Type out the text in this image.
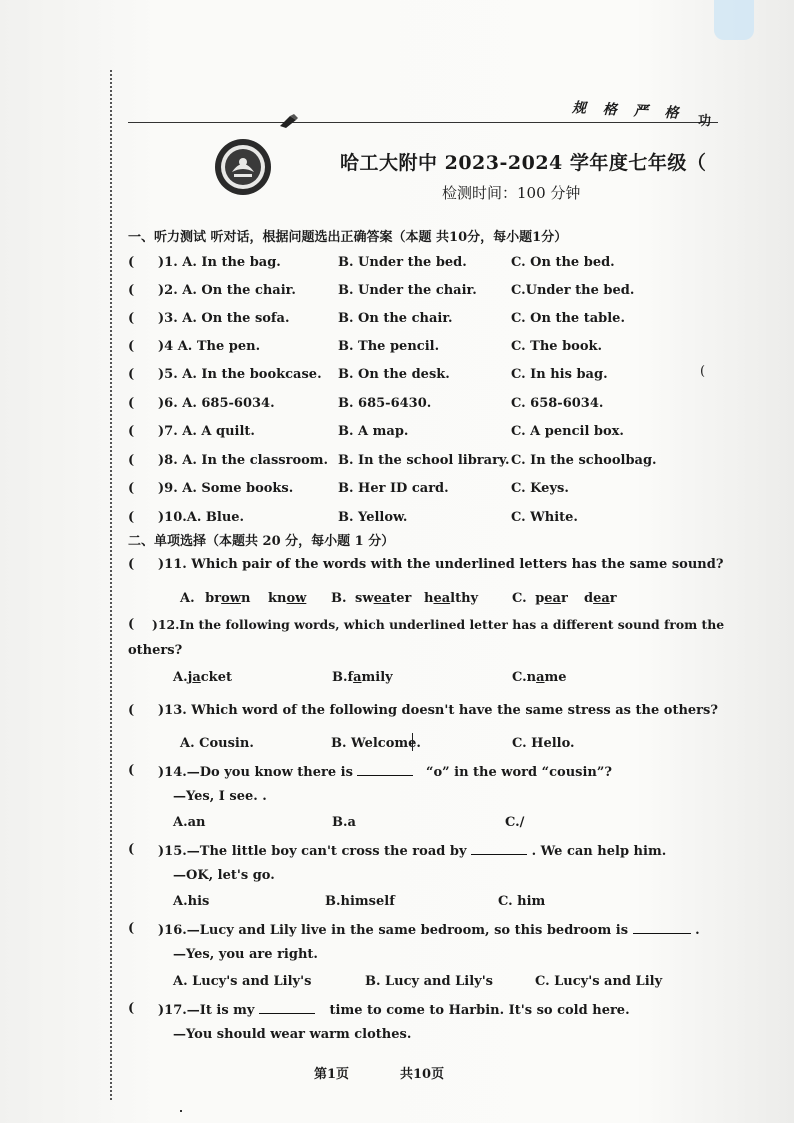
规 格 严 格 功
哈工大附中 2023-2024 学年度七年级（
检测时间：100 分钟
一、听力测试 听对话，根据问题选出正确答案（本题 共10分，每小题1分）
( )1. A. In the bag.	B. Under the bed.	C. On the bed.
( )2. A. On the chair.	B. Under the chair.	C.Under the bed.
( )3. A. On the sofa.	B. On the chair.	C. On the table.
( )4 A. The pen.	B. The pencil.	C. The book.
( )5. A. In the bookcase. B. On the desk.	C. In his bag.
( )6. A. 685-6034.	B. 685-6430.	C. 658-6034.
( )7. A. A quilt.	B. A map.	C. A pencil box.
( )8. A. In the classroom. B. In the school library. C. In the schoolbag.
( )9. A. Some books.	B. Her ID card.	C. Keys.
( )10.A. Blue.	B. Yellow.	C. White.
(
二、单项选择（本题共 20 分，每小题 1 分）
( )11. Which pair of the words with the underlined letters has the same sound?
A. brown know B. sweater healthy	C. pear dear
( )12.In the following words, which underlined letter has a different sound from the
others?
A.jacket	B.family	C.name
( )13. Which word of the following doesn't have the same stress as the others?
A. Cousin.	B. Welcome.	C. Hello.
( )14.—Do you know there is	“o” in the word “cousin”?
—Yes, I see. .
A.an	B.a	C./
( )15.—The little boy can't cross the road by	. We can help him.
—OK, let's go.
A.his	B.himself	C. him
( )16.—Lucy and Lily live in the same bedroom, so this bedroom is	.
—Yes, you are right.
A. Lucy's and Lily's	B. Lucy and Lily's	C. Lucy's and Lily
( )17.—It is my	time to come to Harbin. It's so cold here.
—You should wear warm clothes.
第1页	共10页
